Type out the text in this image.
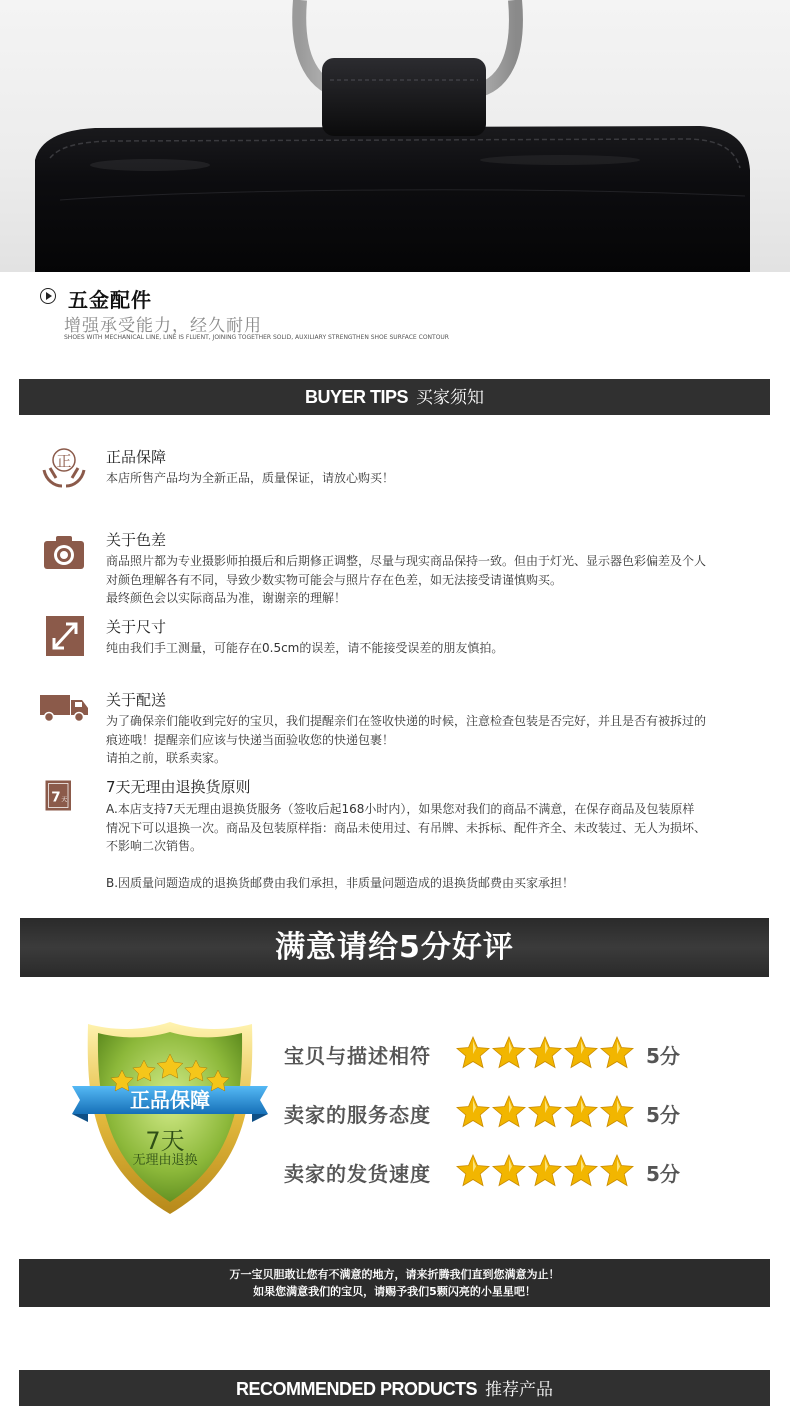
五金配件
增强承受能力，经久耐用
SHOES WITH MECHANICAL LINE, LINE IS FLUENT, JOINING TOGETHER SOLID, AUXILIARY STRENGTHEN SHOE SURFACE CONTOUR
BUYER TIPS 买家须知
正 正品保障
本店所售产品均为全新正品，质量保证，请放心购买！
关于色差
商品照片都为专业摄影师拍摄后和后期修正调整，尽量与现实商品保持一致。但由于灯光、显示器色彩偏差及个人
对颜色理解各有不同，导致少数实物可能会与照片存在色差，如无法接受请谨慎购买。
最终颜色会以实际商品为准，谢谢亲的理解！
关于尺寸
纯由我们手工测量，可能存在0.5cm的误差，请不能接受误差的朋友慎拍。
关于配送
为了确保亲们能收到完好的宝贝，我们提醒亲们在签收快递的时候，注意检查包装是否完好，并且是否有被拆过的
痕迹哦！提醒亲们应该与快递当面验收您的快递包裹！
请拍之前，联系卖家。
7 天
7天无理由退换货原则
A.本店支持7天无理由退换货服务（签收后起168小时内），如果您对我们的商品不满意，在保存商品及包装原样
情况下可以退换一次。商品及包装原样指：商品未使用过、有吊牌、未拆标、配件齐全、未改装过、无人为损坏、
不影响二次销售。
B.因质量问题造成的退换货邮费由我们承担，非质量问题造成的退换货邮费由买家承担！
满意请给5分好评
正品保障
7天
无理由退换
宝贝与描述相符	5分
卖家的服务态度	5分
卖家的发货速度	5分
万一宝贝胆敢让您有不满意的地方，请来折腾我们直到您满意为止！
如果您满意我们的宝贝，请赐予我们5颗闪亮的小星星吧！
RECOMMENDED PRODUCTS 推荐产品
